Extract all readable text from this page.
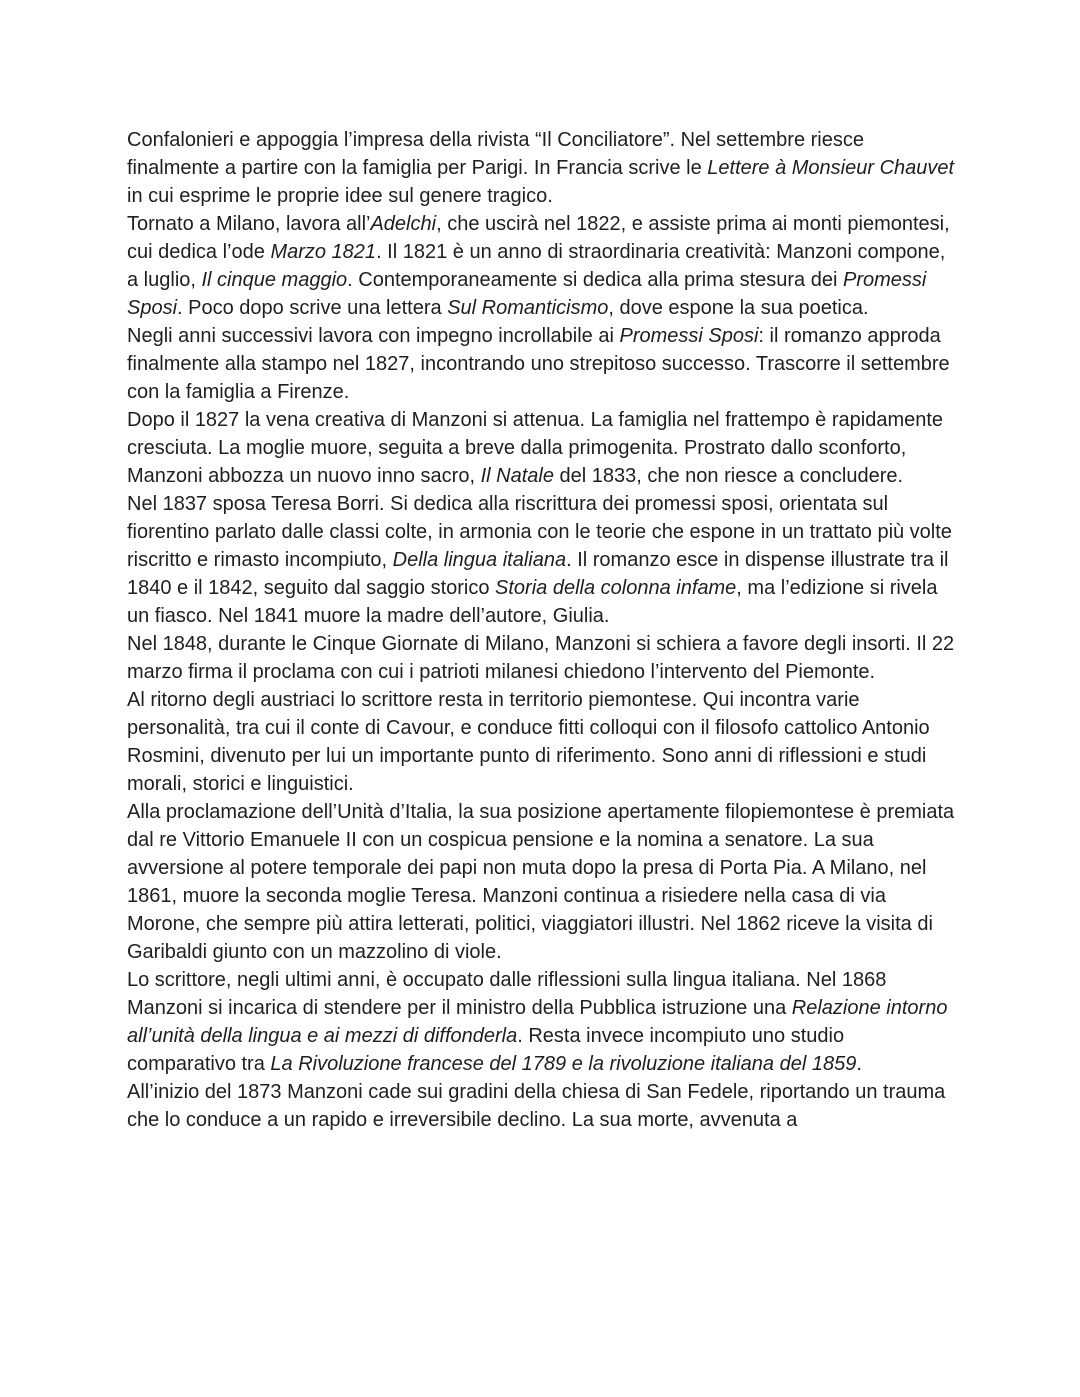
Confalonieri e appoggia l’impresa della rivista “Il Conciliatore”. Nel settembre riesce finalmente a partire con la famiglia per Parigi. In Francia scrive le Lettere à Monsieur Chauvet in cui esprime le proprie idee sul genere tragico.

Tornato a Milano, lavora all’Adelchi, che uscirà nel 1822, e assiste prima ai monti piemontesi, cui dedica l’ode Marzo 1821. Il 1821 è un anno di straordinaria creatività: Manzoni compone, a luglio, Il cinque maggio. Contemporaneamente si dedica alla prima stesura dei Promessi Sposi. Poco dopo scrive una lettera Sul Romanticismo, dove espone la sua poetica.

Negli anni successivi lavora con impegno incrollabile ai Promessi Sposi: il romanzo approda finalmente alla stampo nel 1827, incontrando uno strepitoso successo. Trascorre il settembre con la famiglia a Firenze.

Dopo il 1827 la vena creativa di Manzoni si attenua. La famiglia nel frattempo è rapidamente cresciuta. La moglie muore, seguita a breve dalla primogenita. Prostrato dallo sconforto, Manzoni abbozza un nuovo inno sacro, Il Natale del 1833, che non riesce a concludere.

Nel 1837 sposa Teresa Borri. Si dedica alla riscrittura dei promessi sposi, orientata sul fiorentino parlato dalle classi colte, in armonia con le teorie che espone in un trattato più volte riscritto e rimasto incompiuto, Della lingua italiana. Il romanzo esce in dispense illustrate tra il 1840 e il 1842, seguito dal saggio storico Storia della colonna infame, ma l’edizione si rivela un fiasco. Nel 1841 muore la madre dell’autore, Giulia.

Nel 1848, durante le Cinque Giornate di Milano, Manzoni si schiera a favore degli insorti. Il 22 marzo firma il proclama con cui i patrioti milanesi chiedono l’intervento del Piemonte.

Al ritorno degli austriaci lo scrittore resta in territorio piemontese. Qui incontra varie personalità, tra cui il conte di Cavour, e conduce fitti colloqui con il filosofo cattolico Antonio Rosmini, divenuto per lui un importante punto di riferimento. Sono anni di riflessioni e studi morali, storici e linguistici.

Alla proclamazione dell’Unità d’Italia, la sua posizione apertamente filopiemontese è premiata dal re Vittorio Emanuele II con un cospicua pensione e la nomina a senatore. La sua avversione al potere temporale dei papi non muta dopo la presa di Porta Pia. A Milano, nel 1861, muore la seconda moglie Teresa. Manzoni continua a risiedere nella casa di via Morone, che sempre più attira letterati, politici, viaggiatori illustri. Nel 1862 riceve la visita di Garibaldi giunto con un mazzolino di viole.

Lo scrittore, negli ultimi anni, è occupato dalle riflessioni sulla lingua italiana. Nel 1868 Manzoni si incarica di stendere per il ministro della Pubblica istruzione una Relazione intorno all’unità della lingua e ai mezzi di diffonderla. Resta invece incompiuto uno studio comparativo tra La Rivoluzione francese del 1789 e la rivoluzione italiana del 1859.

All’inizio del 1873 Manzoni cade sui gradini della chiesa di San Fedele, riportando un trauma che lo conduce a un rapido e irreversibile declino. La sua morte, avvenuta a
